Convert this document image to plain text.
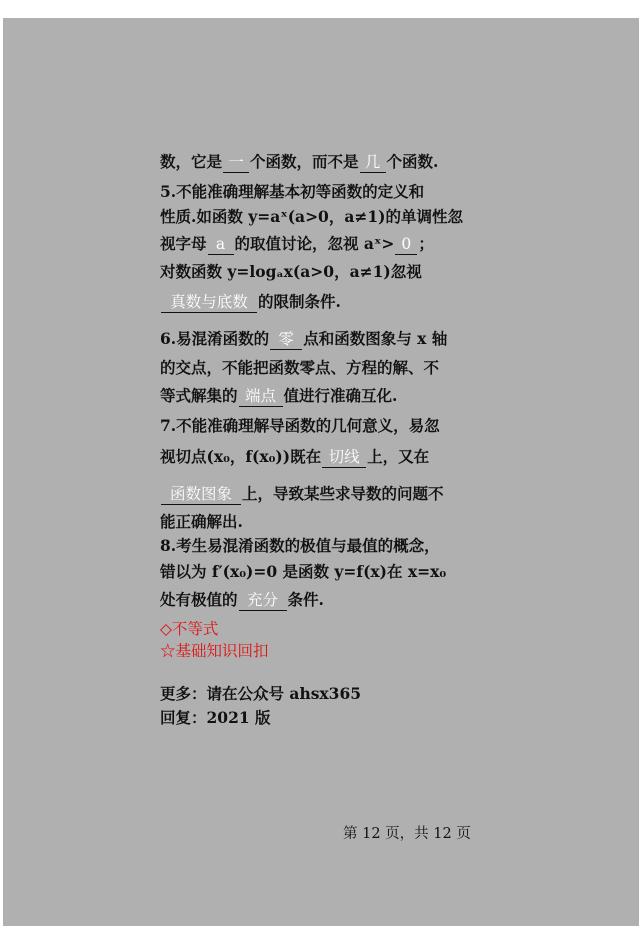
数，它是 一 个函数，而不是 几 个函数.
5.不能准确理解基本初等函数的定义和
性质.如函数 y=aˣ(a>0，a≠1)的单调性忽
视字母 a 的取值讨论，忽视 aˣ> 0 ；
对数函数 y=logₐx(a>0，a≠1)忽视
真数与底数 的限制条件.
6.易混淆函数的 零 点和函数图象与 x 轴
的交点，不能把函数零点、方程的解、不
等式解集的 端点 值进行准确互化.
7.不能准确理解导函数的几何意义，易忽
视切点(x₀，f(x₀))既在 切线 上，又在
函数图象 上，导致某些求导数的问题不
能正确解出.
8.考生易混淆函数的极值与最值的概念，
错以为 f′(x₀)=0 是函数 y=f(x)在 x=x₀
处有极值的 充分 条件.
◇不等式
☆基础知识回扣
更多：请在公众号 ahsx365
回复：2021 版
第 12 页，共 12 页
